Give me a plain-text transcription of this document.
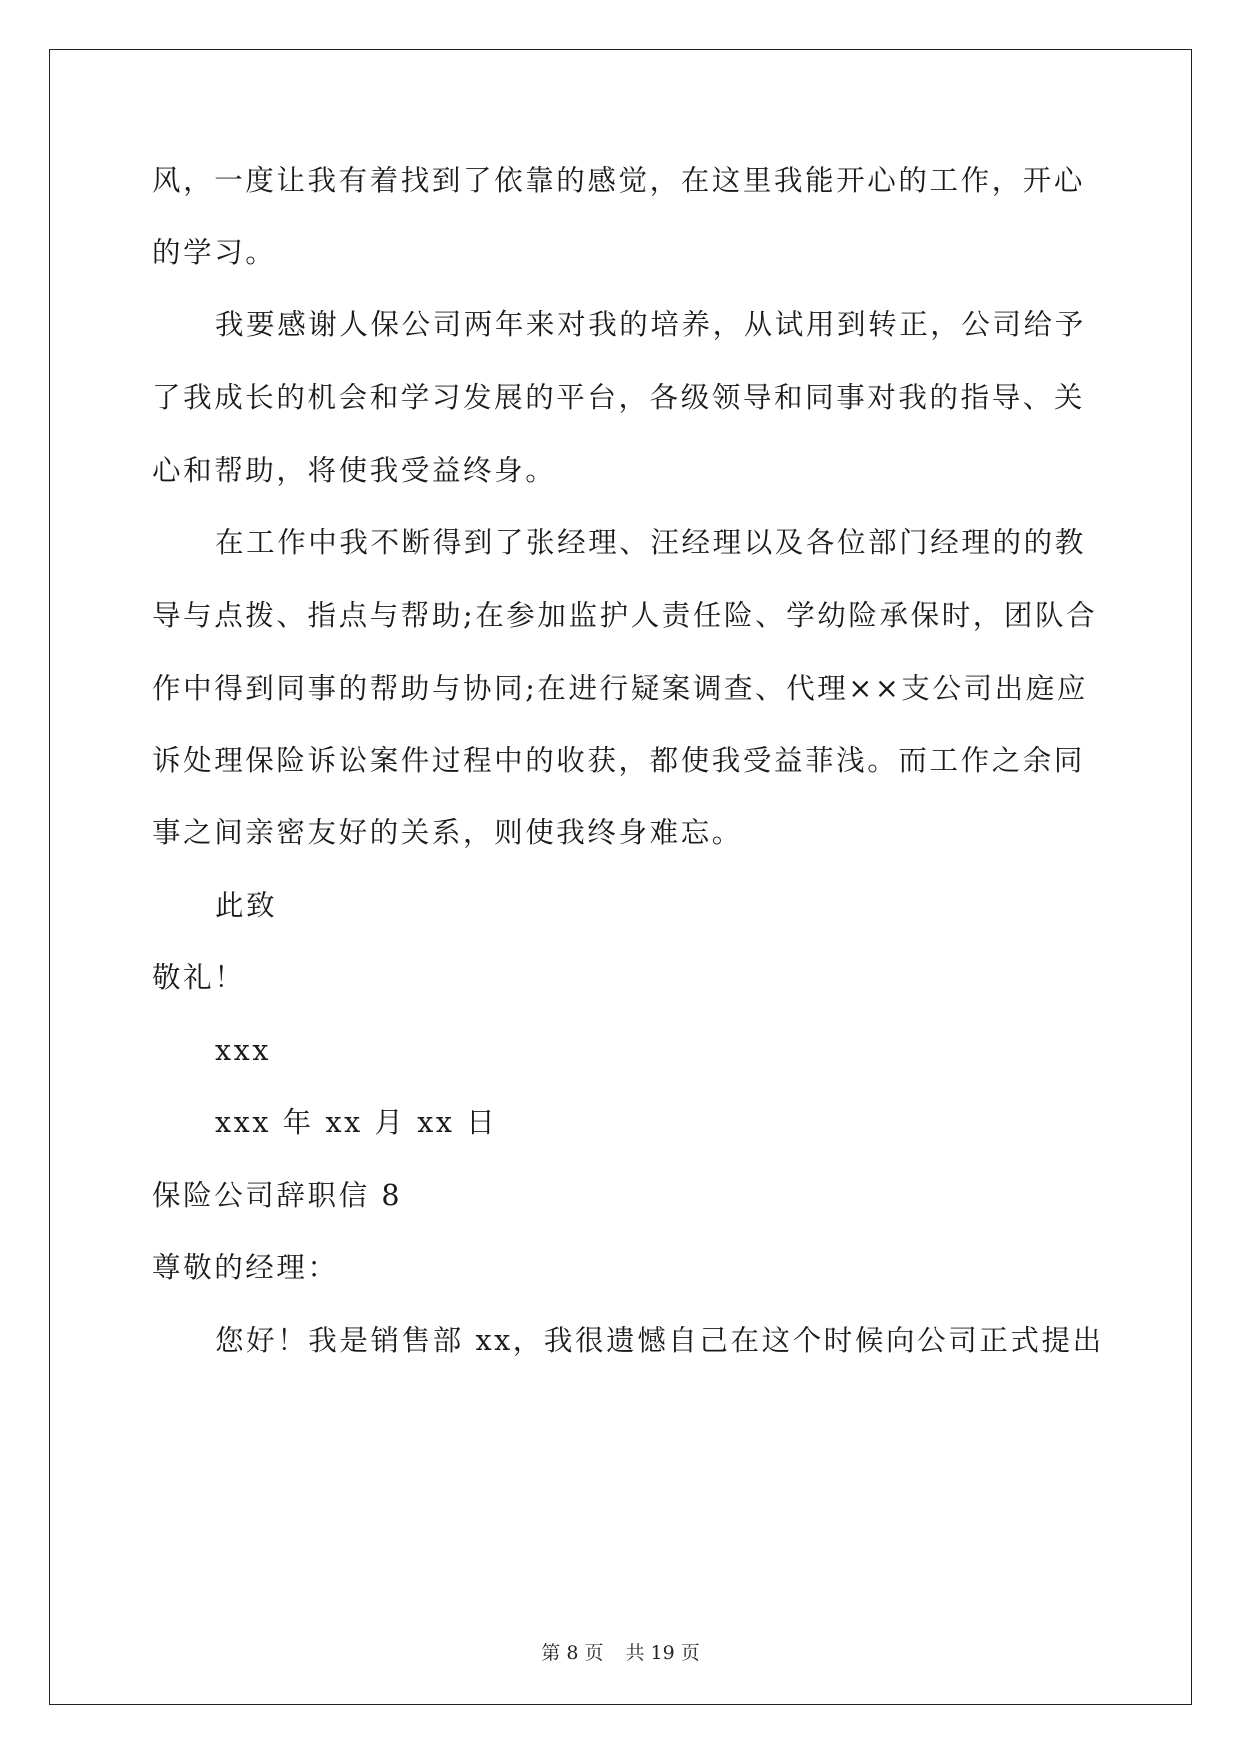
风，一度让我有着找到了依靠的感觉，在这里我能开心的工作，开心
的学习。
我要感谢人保公司两年来对我的培养，从试用到转正，公司给予
了我成长的机会和学习发展的平台，各级领导和同事对我的指导、关
心和帮助，将使我受益终身。
在工作中我不断得到了张经理、汪经理以及各位部门经理的的教
导与点拨、指点与帮助;在参加监护人责任险、学幼险承保时，团队合
作中得到同事的帮助与协同;在进行疑案调查、代理××支公司出庭应
诉处理保险诉讼案件过程中的收获，都使我受益菲浅。而工作之余同
事之间亲密友好的关系，则使我终身难忘。
此致
敬礼！
xxx
xxx 年 xx 月 xx 日
保险公司辞职信 8
尊敬的经理：
您好！我是销售部 xx，我很遗憾自己在这个时候向公司正式提出
第 8 页 共 19 页
